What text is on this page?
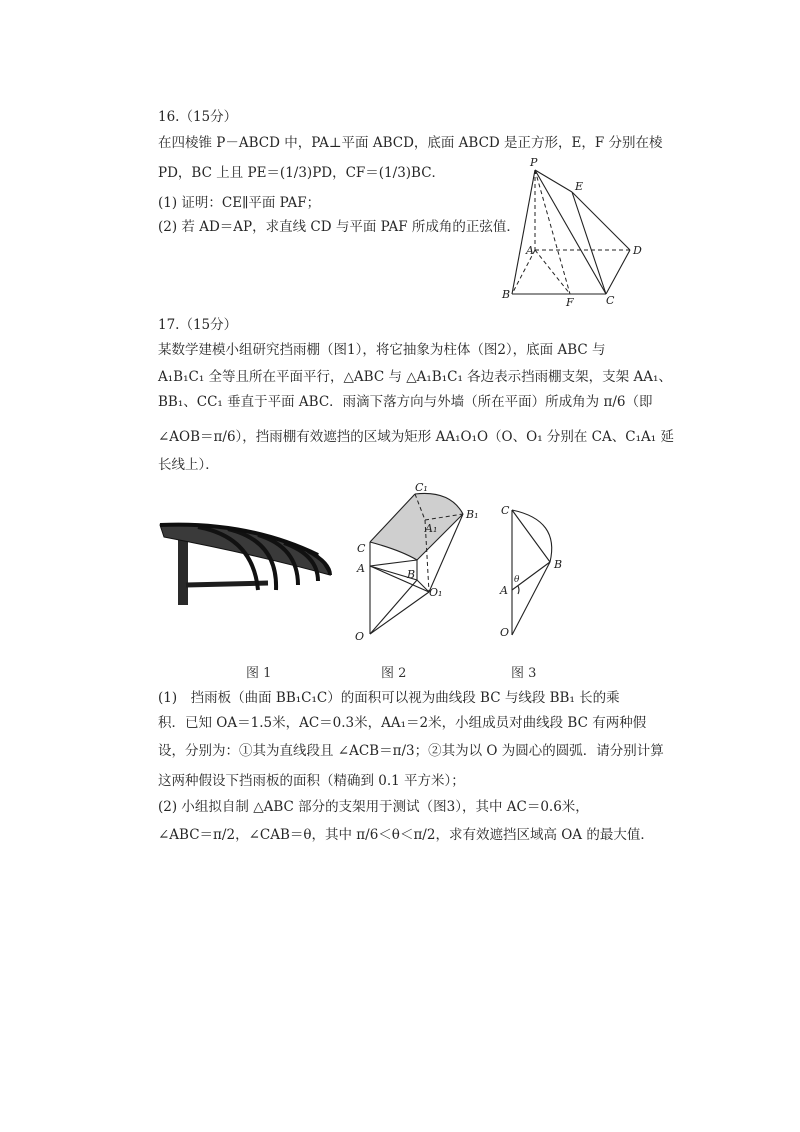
16.（15分）
在四棱锥 P－ABCD 中，PA⊥平面 ABCD，底面 ABCD 是正方形，E，F 分别在棱
PD，BC 上且 PE＝(1/3)PD，CF＝(1/3)BC．
(1) 证明：CE∥平面 PAF；
(2) 若 AD＝AP，求直线 CD 与平面 PAF 所成角的正弦值．
P
E
A	D
B
F	C
17.（15分）
某数学建模小组研究挡雨棚（图1），将它抽象为柱体（图2），底面 ABC 与
A₁B₁C₁ 全等且所在平面平行，△ABC 与 △A₁B₁C₁ 各边表示挡雨棚支架，支架 AA₁、
BB₁、CC₁ 垂直于平面 ABC．雨滴下落方向与外墙（所在平面）所成角为 π/6（即
∠AOB＝π/6），挡雨棚有效遮挡的区域为矩形 AA₁O₁O（O、O₁ 分别在 CA、C₁A₁ 延
长线上）．
C₁
A₁
B₁
C
A	B
O₁
O
C
B
θ
A
O
图 1	图 2	图 3
(1)　挡雨板（曲面 BB₁C₁C）的面积可以视为曲线段 BC 与线段 BB₁ 长的乘
积．已知 OA＝1.5米，AC＝0.3米，AA₁＝2米，小组成员对曲线段 BC 有两种假
设，分别为：①其为直线段且 ∠ACB＝π/3；②其为以 O 为圆心的圆弧．请分别计算
这两种假设下挡雨板的面积（精确到 0.1 平方米）；
(2) 小组拟自制 △ABC 部分的支架用于测试（图3），其中 AC＝0.6米，
∠ABC＝π/2，∠CAB＝θ，其中 π/6＜θ＜π/2，求有效遮挡区域高 OA 的最大值．
